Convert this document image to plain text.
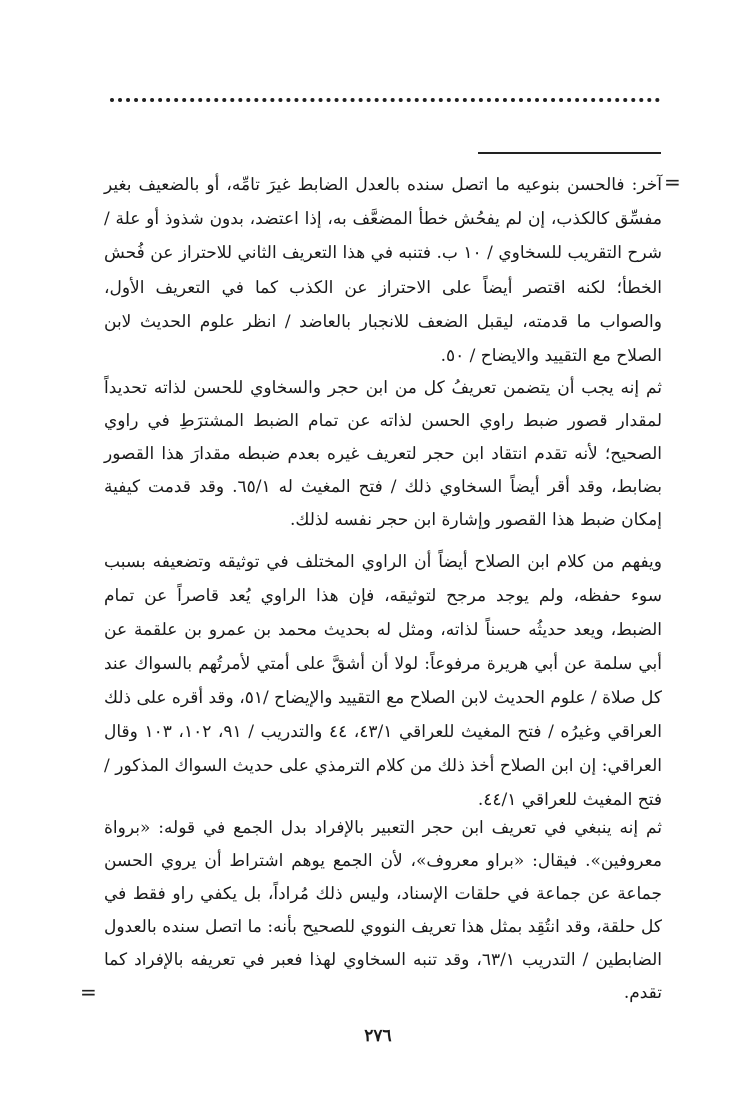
=

آخر: فالحسن بنوعيه ما اتصل سنده بالعدل الضابط غيرَ تامِّه، أو بالضعيف بغير مفسِّق كالكذب، إن لم يفحُش خطأ المضعَّف به، إذا اعتضد، بدون شذوذ أو علة / شرح التقريب للسخاوي / ١٠ ب. فتنبه في هذا التعريف الثاني للاحتراز عن فُحش الخطأ؛ لكنه اقتصر أيضاً على الاحتراز عن الكذب كما في التعريف الأول، والصواب ما قدمته، ليقبل الضعف للانجبار بالعاضد / انظر علوم الحديث لابن الصلاح مع التقييد والايضاح / ٥٠.

ثم إنه يجب أن يتضمن تعريفُ كل من ابن حجر والسخاوي للحسن لذاته تحديداً لمقدار قصور ضبط راوي الحسن لذاته عن تمام الضبط المشترَطِ في راوي الصحيح؛ لأنه تقدم انتقاد ابن حجر لتعريف غيره بعدم ضبطه مقدارَ هذا القصور بضابط، وقد أقر أيضاً السخاوي ذلك / فتح المغيث له ٦٥/١. وقد قدمت كيفية إمكان ضبط هذا القصور وإشارة ابن حجر نفسه لذلك.

ويفهم من كلام ابن الصلاح أيضاً أن الراوي المختلف في توثيقه وتضعيفه بسبب سوء حفظه، ولم يوجد مرجح لتوثيقه، فإن هذا الراوي يُعد قاصراً عن تمام الضبط، ويعد حديثُه حسناً لذاته، ومثل له بحديث محمد بن عمرو بن علقمة عن أبي سلمة عن أبي هريرة مرفوعاً: لولا أن أشقَّ على أمتي لأمرتُهم بالسواك عند كل صلاة / علوم الحديث لابن الصلاح مع التقييد والإيضاح /٥١، وقد أقره على ذلك العراقي وغيرُه / فتح المغيث للعراقي ٤٣/١، ٤٤ والتدريب / ٩١، ١٠٢، ١٠٣ وقال العراقي: إن ابن الصلاح أخذ ذلك من كلام الترمذي على حديث السواك المذكور / فتح المغيث للعراقي ٤٤/١.

ثم إنه ينبغي في تعريف ابن حجر التعبير بالإفراد بدل الجمع في قوله: «برواة معروفين». فيقال: «براو معروف»، لأن الجمع يوهم اشتراط أن يروي الحسن جماعة عن جماعة في حلقات الإسناد، وليس ذلك مُراداً، بل يكفي راو فقط في كل حلقة، وقد انتُقِد بمثل هذا تعريف النووي للصحيح بأنه: ما اتصل سنده بالعدول الضابطين / التدريب ٦٣/١، وقد تنبه السخاوي لهذا فعبر في تعريفه بالإفراد كما تقدم.

=
٢٧٦
